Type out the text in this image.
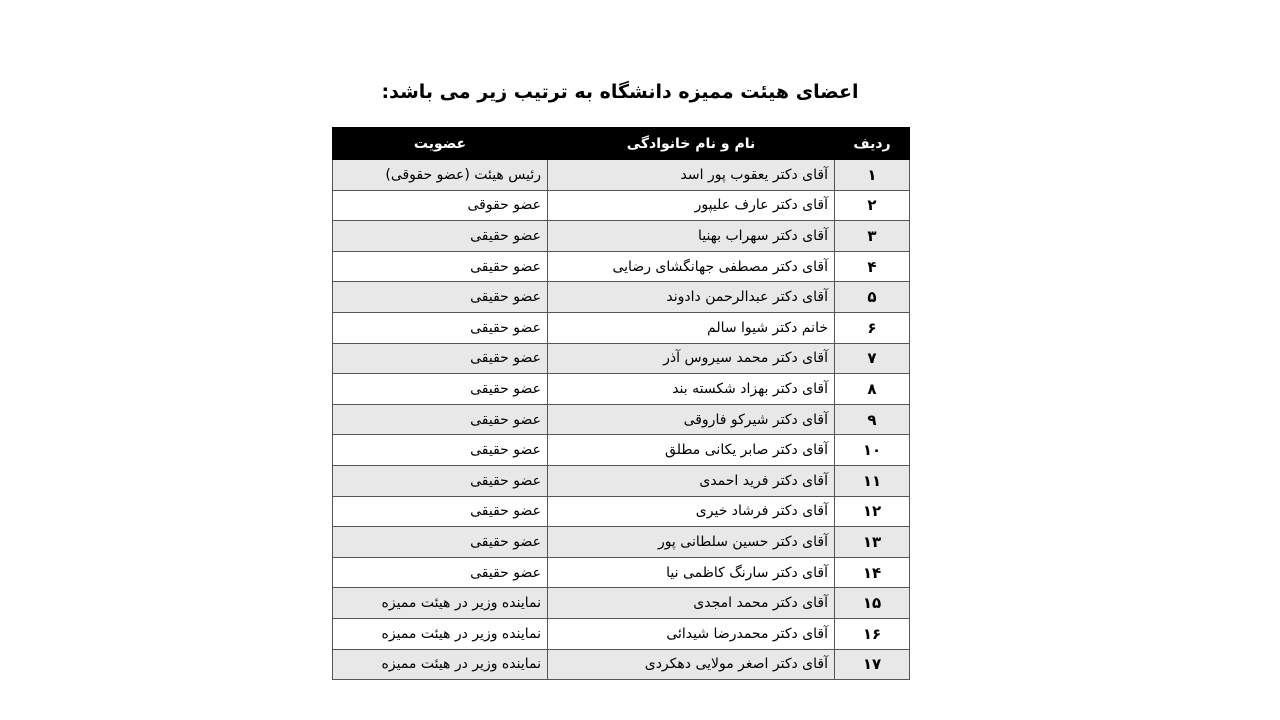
اعضای هیئت ممیزه دانشگاه به ترتیب زیر می باشد:
ردیف	نام و نام خانوادگی	عضویت
۱	آقای دکتر یعقوب پور اسد	رئیس هیئت (عضو حقوقی)
۲	آقای دکتر عارف علیپور	عضو حقوقی
۳	آقای دکتر سهراب بهنیا	عضو حقیقی
۴	آقای دکتر مصطفی جهانگشای رضایی	عضو حقیقی
۵	آقای دکتر عبدالرحمن دادوند	عضو حقیقی
۶	خانم دکتر شیوا سالم	عضو حقیقی
۷	آقای دکتر محمد سیروس آذر	عضو حقیقی
۸	آقای دکتر بهزاد شکسته بند	عضو حقیقی
۹	آقای دکتر شیرکو فاروقی	عضو حقیقی
۱۰	آقای دکتر صابر یکانی مطلق	عضو حقیقی
۱۱	آقای دکتر فرید احمدی	عضو حقیقی
۱۲	آقای دکتر فرشاد خیری	عضو حقیقی
۱۳	آقای دکتر حسین سلطانی پور	عضو حقیقی
۱۴	آقای دکتر سارنگ کاظمی نیا	عضو حقیقی
۱۵	آقای دکتر محمد امجدی	نماینده وزیر در هیئت ممیزه
۱۶	آقای دکتر محمدرضا شیدائی	نماینده وزیر در هیئت ممیزه
۱۷	آقای دکتر اصغر مولایی دهکردی	نماینده وزیر در هیئت ممیزه
